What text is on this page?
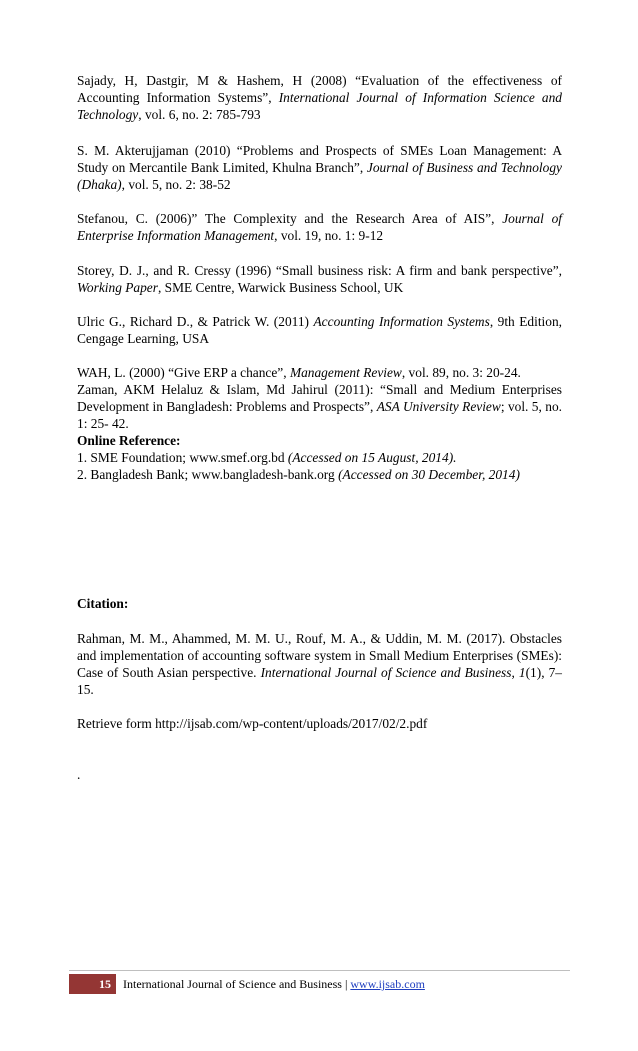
Sajady, H, Dastgir, M & Hashem, H (2008) “Evaluation of the effectiveness of Accounting Information Systems”, International Journal of Information Science and Technology, vol. 6, no. 2: 785-793

S. M. Akterujjaman (2010) “Problems and Prospects of SMEs Loan Management: A Study on Mercantile Bank Limited, Khulna Branch”, Journal of Business and Technology (Dhaka), vol. 5, no. 2: 38-52

Stefanou, C. (2006)” The Complexity and the Research Area of AIS”, Journal of Enterprise Information Management, vol. 19, no. 1: 9-12

Storey, D. J., and R. Cressy (1996) “Small business risk: A firm and bank perspective”, Working Paper, SME Centre, Warwick Business School, UK

Ulric G., Richard D., & Patrick W. (2011) Accounting Information Systems, 9th Edition, Cengage Learning, USA

WAH, L. (2000) “Give ERP a chance”, Management Review, vol. 89, no. 3: 20-24.

Zaman, AKM Helaluz & Islam, Md Jahirul (2011): “Small and Medium Enterprises Development in Bangladesh: Problems and Prospects”, ASA University Review; vol. 5, no. 1: 25- 42.

Online Reference:

1. SME Foundation; www.smef.org.bd (Accessed on 15 August, 2014).

2. Bangladesh Bank; www.bangladesh-bank.org (Accessed on 30 December, 2014)

Citation:

Rahman, M. M., Ahammed, M. M. U., Rouf, M. A., & Uddin, M. M. (2017). Obstacles and implementation of accounting software system in Small Medium Enterprises (SMEs): Case of South Asian perspective. International Journal of Science and Business, 1(1), 7–15.

Retrieve form http://ijsab.com/wp-content/uploads/2017/02/2.pdf

.

15	International Journal of Science and Business | www.ijsab.com
